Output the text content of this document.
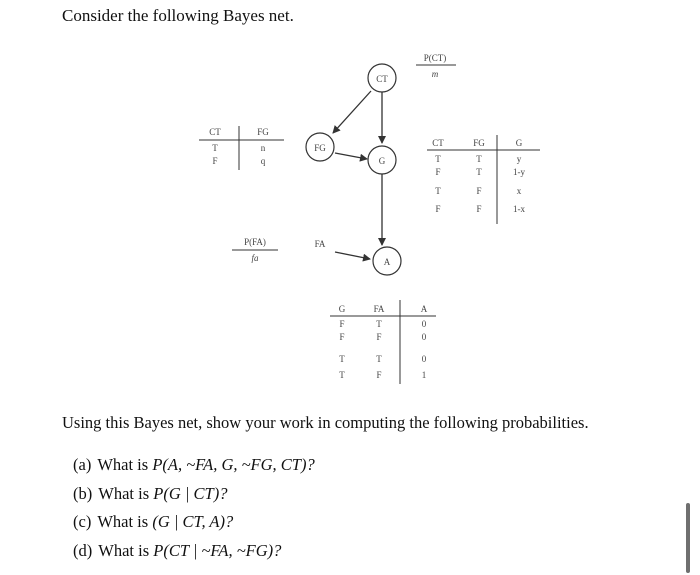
Consider the following Bayes net.
CT
FG
G
A
FA
P(CT)
m
P(FA)
fa
CT	FG
T	n
F	q
CT	FG	G
T	T	y
F	T	1-y
T	F	x
F	F	1-x
G	FA	A
F	T	0
F	F	0
T	T	0
T	F	1
Using this Bayes net, show your work in computing the following probabilities.
(a) What is P(A, ~FA, G, ~FG, CT)?
(b) What is P(G | CT)?
(c) What is (G | CT, A)?
(d) What is P(CT | ~FA, ~FG)?
